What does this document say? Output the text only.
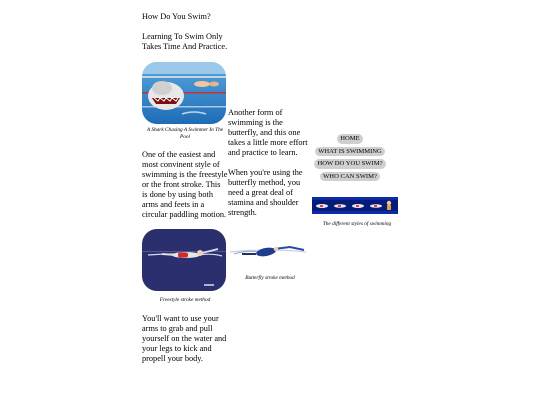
How Do You Swim?
Learning To Swim Only Takes Time And Practice.
A Shark Chasing A Swimmer In The Pool
One of the easiest and most convinent style of swimming is the freestyle or the front stroke. This is done by using both arms and feets in a circular paddling motion.
Freestyle stroke method
You'll want to use your arms to grab and pull yourself on the water and your legs to kick and propell your body.
Another form of swimming is the butterfly, and this one takes a little more effort and practice to learn.
When you're using the butterfly method, you need a great deal of stamina and shoulder strength.
Butterfly stroke method
HOME
WHAT IS SWIMMING
HOW DO YOU SWIM?
WHO CAN SWIM?
The different styles of swimming
